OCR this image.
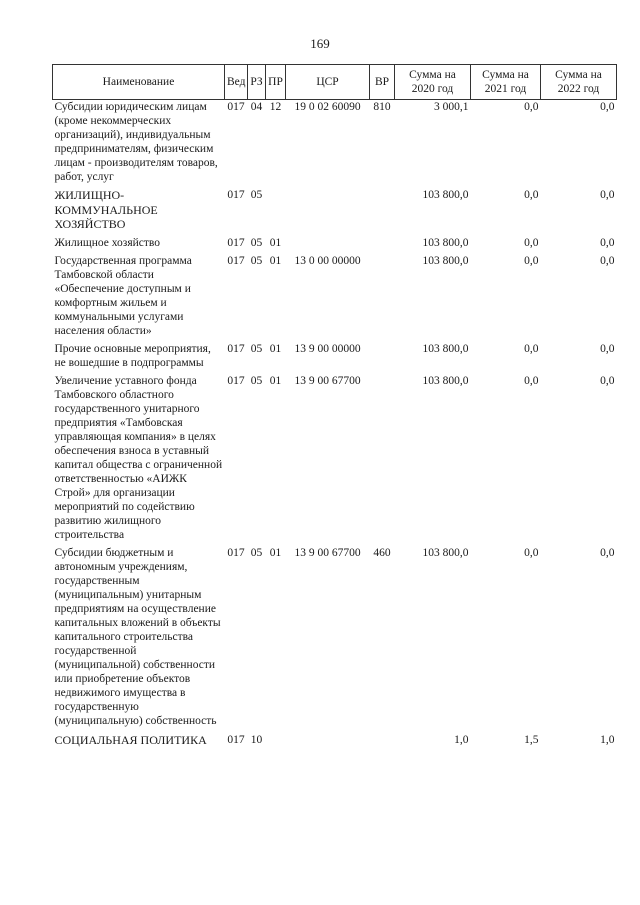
169
Наименование	Вед	РЗ	ПР	ЦСР	ВР	Сумма на 2020 год	Сумма на 2021 год	Сумма на 2022 год
Субсидии юридическим лицам (кроме некоммерческих организаций), индивидуальным предпринимателям, физическим лицам - производителям товаров, работ, услуг	017	04	12	19 0 02 60090	810	3 000,1	0,0	0,0
ЖИЛИЩНО-КОММУНАЛЬНОЕ ХОЗЯЙСТВО	017	05				103 800,0	0,0	0,0
Жилищное хозяйство	017	05	01			103 800,0	0,0	0,0
Государственная программа Тамбовской области «Обеспечение доступным и комфортным жильем и коммунальными услугами населения области»	017	05	01	13 0 00 00000		103 800,0	0,0	0,0
Прочие основные мероприятия, не вошедшие в подпрограммы	017	05	01	13 9 00 00000		103 800,0	0,0	0,0
Увеличение уставного фонда Тамбовского областного государственного унитарного предприятия «Тамбовская управляющая компания» в целях обеспечения взноса в уставный капитал общества с ограниченной ответственностью «АИЖК Строй» для организации мероприятий по содействию развитию жилищного строительства	017	05	01	13 9 00 67700		103 800,0	0,0	0,0
Субсидии бюджетным и автономным учреждениям, государственным (муниципальным) унитарным предприятиям на осуществление капитальных вложений в объекты капитального строительства государственной (муниципальной) собственности или приобретение объектов недвижимого имущества в государственную (муниципальную) собственность	017	05	01	13 9 00 67700	460	103 800,0	0,0	0,0
СОЦИАЛЬНАЯ ПОЛИТИКА	017	10				1,0	1,5	1,0
